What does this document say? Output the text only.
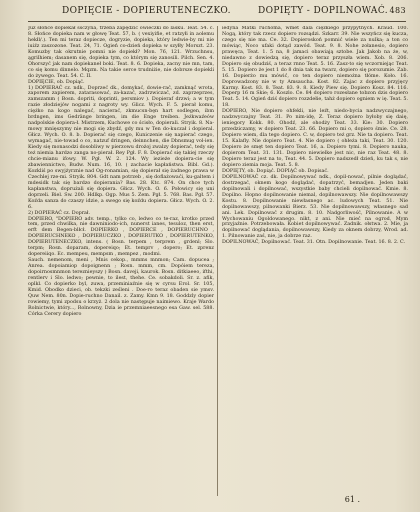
DOPIĘCIE - DOPIERUTENECZKO.	DOPIĘTY - DOPILNOWAĆ. 483

Już słońce dopiekał ssczyna, trzeba zapędzić owieczki do lasku. Teat. 54. c. 8. Słońce dopieka nam w głowę Teat. 57, b. ( vexiyifie, et ratzyłi in aolemu hekłl/.). Ten mi teraz dopiecze, dogryzie, dopieka, który ledwie-by mi nie iuiźz zaszozone. Teat. 24, 71. Ogień co-dzień dopieka w szyłły Morszt. 23. Komuzby tak okrutnie pomni nie dopiekł? Mon. 76, 121. Wrzuchnsu, ągrilhiem; dasanem się, dopieka tym, co którym się zanosili. Pilch. Sen. 4. Ohorszyć jak nam dopiekaneł boki. Teat. 8. 6. Dopieka, zacny nie mn, tam, co się komu dinnelo. Mqzm. Na takie serce trudniżie, nie dobrsze dopiekli do żywego. Teat. 54. C. II.

DOPIĘCIE, ob. Dopiąć.

1) DOPIERAĆ cz. ndk., Doprzeć dk., domykać, dowie-rać, zamknąć wrota, zaporem zapierem, zatarasować, za-kazać, zadrzwiczać, zd. zaprzeprzes, zamszamm ( Bosn. dopriti, doprinti, persmiov ). Dopieraf drzwi; a w tym razie złodziejów nogami z nagroty wy. Glicz. Wych. F. 5. pierał komu, ciężko na kogo nalegać, nacierać, zkmucsn-bęn hart sodlegen, ibm brdngen, ims Gedränge bringen, im die Enge treiben. Jeżkwaźeów nadpolskie dopiera-ł. Mistrzem, Kuchowe co ścisło, dopierali. Stryik. 8. Na-mowy mnięszymy nie mogi się zbydź, gdy mu w Ten do-kuczał i dopieral. Głicz. Wych. O. 8. b. Dopierać się czego, Kuniczenie się napierać czego, wymagać, nie-towad o co, natzuf dringen, deinnchen, die Dbnsmug vol-ien. Kiedy się monasodzi dosobliwy w pierzowu drożoj zwalzy dopierać, tedy się też niemia hardzo zanga no-pierał. Rey Pgł. F. 8. Dopierać się takiej rzeczy chcie-mianu ifowy. W. Pgł. W. 2. 124. Wy iezieże dopiera-cie się zbawiennictwo, Budw. Num. 16, 10. ( zachacie kapłaństwa. Bibl. Gd.). Kozkliś po swyjżyrznie nad Og-ronamian, się dopierał się żadnego prawa w Czechlej rze-mi. Stryik. 804. Gdt nam potrzeb , się doflażowaći, ku-galtem i mdesidk tak się bardzo dopierania? Bas. 28. Ktc. 874. On chce tych kapłanstwa, doprużali się dopiera. Głicz. Wych. O. 6. Połowicy się uni doprzeli. Biel. Sw. 200. Hdlkp. Ogp. Mus 5. Zem. Pgł. 5. 768. Bas. Pgł. 57. Koźda sanza do czaszy idzie, a swego się koźdu dopiera. Głicz. Wych. O. 2. 6.

2) DOPIERAĆ cz. Doprał.

DOPIERO, "DOPIERO adv. temp., tylko co, ledwo co te-raz, krotko przed tem, przed chwilka, nie dawniniodo-ich, nunerst ianes, tesuloz, then erst, erft dem Begen-blłcł. DOPIERKO , DOPIERCE , DOPIERUCHNO , DOPIERUCHNEKO , DOPIERUCZKO , DOPIERUTKO , DOPIERUTENKO, DOPIERUTENECZKO, intens. ( Bosn. terpem , terprem , grdenl; Slo. terpm; Rosn. doparam, dopereiqo; Et. temprv , dopero; Et. zprenz dopereiiqo. Ec. mempeu, mempsm , mempez , modmi.

Sauch. nemenom, meni , Mnis cekop., mmms mnmon; Cam. dopucea ; Anrea. dopoiamiop dopoignenn ; Rosn. mmm, cm. Dopóiem tereza, dopoirnosmnmon tereznieyszy ) Bosn. daveji, kaurok. Bosn. ditkiaeeo, ifthi, rentlerv i Slo. ledwo; pewnie, to ilest, thehe. Ce. sobakdoli. Sr. z. afik, oplkl. Co dopierko byl, zuwa, przeminiaźnie się w cyrsu Erol. Sr. 105, Kmid. Obodko dzieci, ob. tekzki ześleni . Doe-ro teraz obaden sie ymsv. Quw Nem. 80n. Dopie-ruchno Danail. z. Zamy. Kmn 9. 18. Goddzly dopier rowiemy, tymi zpodsu o krzyż. 2 dola nie następuje naimiewo. Kraje Wardo Rolnictwie, który..., Rolnowny, Dzia ie przemniaeesnego esa Gaw. sel. 588. Córka Cerery dopiero

iedyna Matki ruchoma, wmet dala ciężkiego przypytnych. Kraud. 100. Nogą, który tak rzecz dopiero rozsądzi. Szkarr. 39. Nie wszyńcz się kucza, czego się nie ma. Ce. 32. Dopieroskoń pomnić wiele za nulka; a ton co mówiąc, Noco ufaki dotąd zawód. Teat. 9. 8. Nohe zołanesio, dopiero prawęca, Teat. 1. 5 na, 8 jamaci obawiają sztobe. Jak Jakob na że, w, niedawno z dowiedzą się, dopiero teraz przyszła wiem. Xob. 8. 206. Dopiero się obudziś, a teraz rnno Teat. 5. 16. Zasz-to się wczorniejąc Teat. 5. 15. Dopiero że jest 1 do 8 dnia tak na twarz, dopiero się porozumie. Zab. 16. Dopierżo mu mówić, co ten dopiero niemożna tłóme. Koło. 16. Doprowadzony nie w ty Amsaucha. Kost. 82. Zajac z dopiero przyjęcy Karmy. Kost. 83. 8. Teat. 83. 9. 8. Kiedy Piew się. Dopiero Kosz. 84. 116. Doperp 16 m Skie; 6. Koszlo. Ce. 84 dopiero rozesłane tobzon dzis dopiero Teat. 5. 14. Ogień dziś dopiero rozzdełie, tahż dopiero ogniem w ię. Teat. 5. 18.

DOPIERO, Nie dopiero ohfekli, nie leźt, niedo-bycia nadzwyczajnego, nadzwyczajny Teat. 31. Po nim-idę, Z. Teraz dopiero byłoby się daię, ieniegory Kokk. 80. Ohodź, ale ohodży Teat. 33. Kie: 30. Dopiero przedziczamy, w dopiero Teat. 23. 66. Dopiero mi o, dopiero śmie. Ce. 28. Dopiero wiem, dla tego dopiero. C. w, dopiero też grz. Nie ta dopiero. Teat. 15. Kalafly. Nie dopiero Teat. 4. Nie dopiero ( ohłeża taki, Teat. 30. 120. Dopiero że smęt ten dopiero Teat. 16, a. Dopiero tymi. 8. Dopiero nauka, dopierom Teat. 31. 131. Dopiero niewielke jest nic, nie raz Teat. 48. 8. Dopiero teraz jest na to, Teat. 44. 5. Dopiero nadszedł dzień, ku tak s, nie dopiero ziemia moja. Teat. 5. 8.

DOPIĘTY, ob. Dopiąć. DOPIĄĆ ob. Dopisać.

DOPILNOWAĆ cz. dk. Dopilnowywać ndk., dopil-nować, pilnie doglądać, dostrzegać, oknem kogo doglądać, dopatrzyć, bemadjen. Jeden baki dopilnowali i dopilnować, wszystkie baby chcieli dopilnować. Kmie. 8. Dopilno. Hopno dopilnowanie niemal, dopilnowawszy. Nie dopilnowawszy Kostu. 8. Dopilnowanie niewłasnego ac. ludowych Teat. 51. Nie dopilnowawszy, pilnowanki Bierz. 53. Nie dopilnowawszy, własnego sad ani. Lek. Dopilnować z drugim. 8. 10. Nadgorliwość, Pilnowanie. A w Wychowaniu Ogoldowanego. nikt, z ani. Nie mieć na ogrod, Mym przyjaźnie. Potrzebowała. Kobiet dopilnowywać. Zadnik. ołstwa. 2. Mie, ja dopilnować doglądania, dopilnowawszy, Kiedy za oknem dobrzy, Wrod. ad. 1. Pilnowanie zaś, nie, ja dobrze raz.

DOPILNOWAĆ, Dopilnować. Teat. 31. Otn. Dopilnowanie. Teat. 16. 8. 2. C.

61 .
